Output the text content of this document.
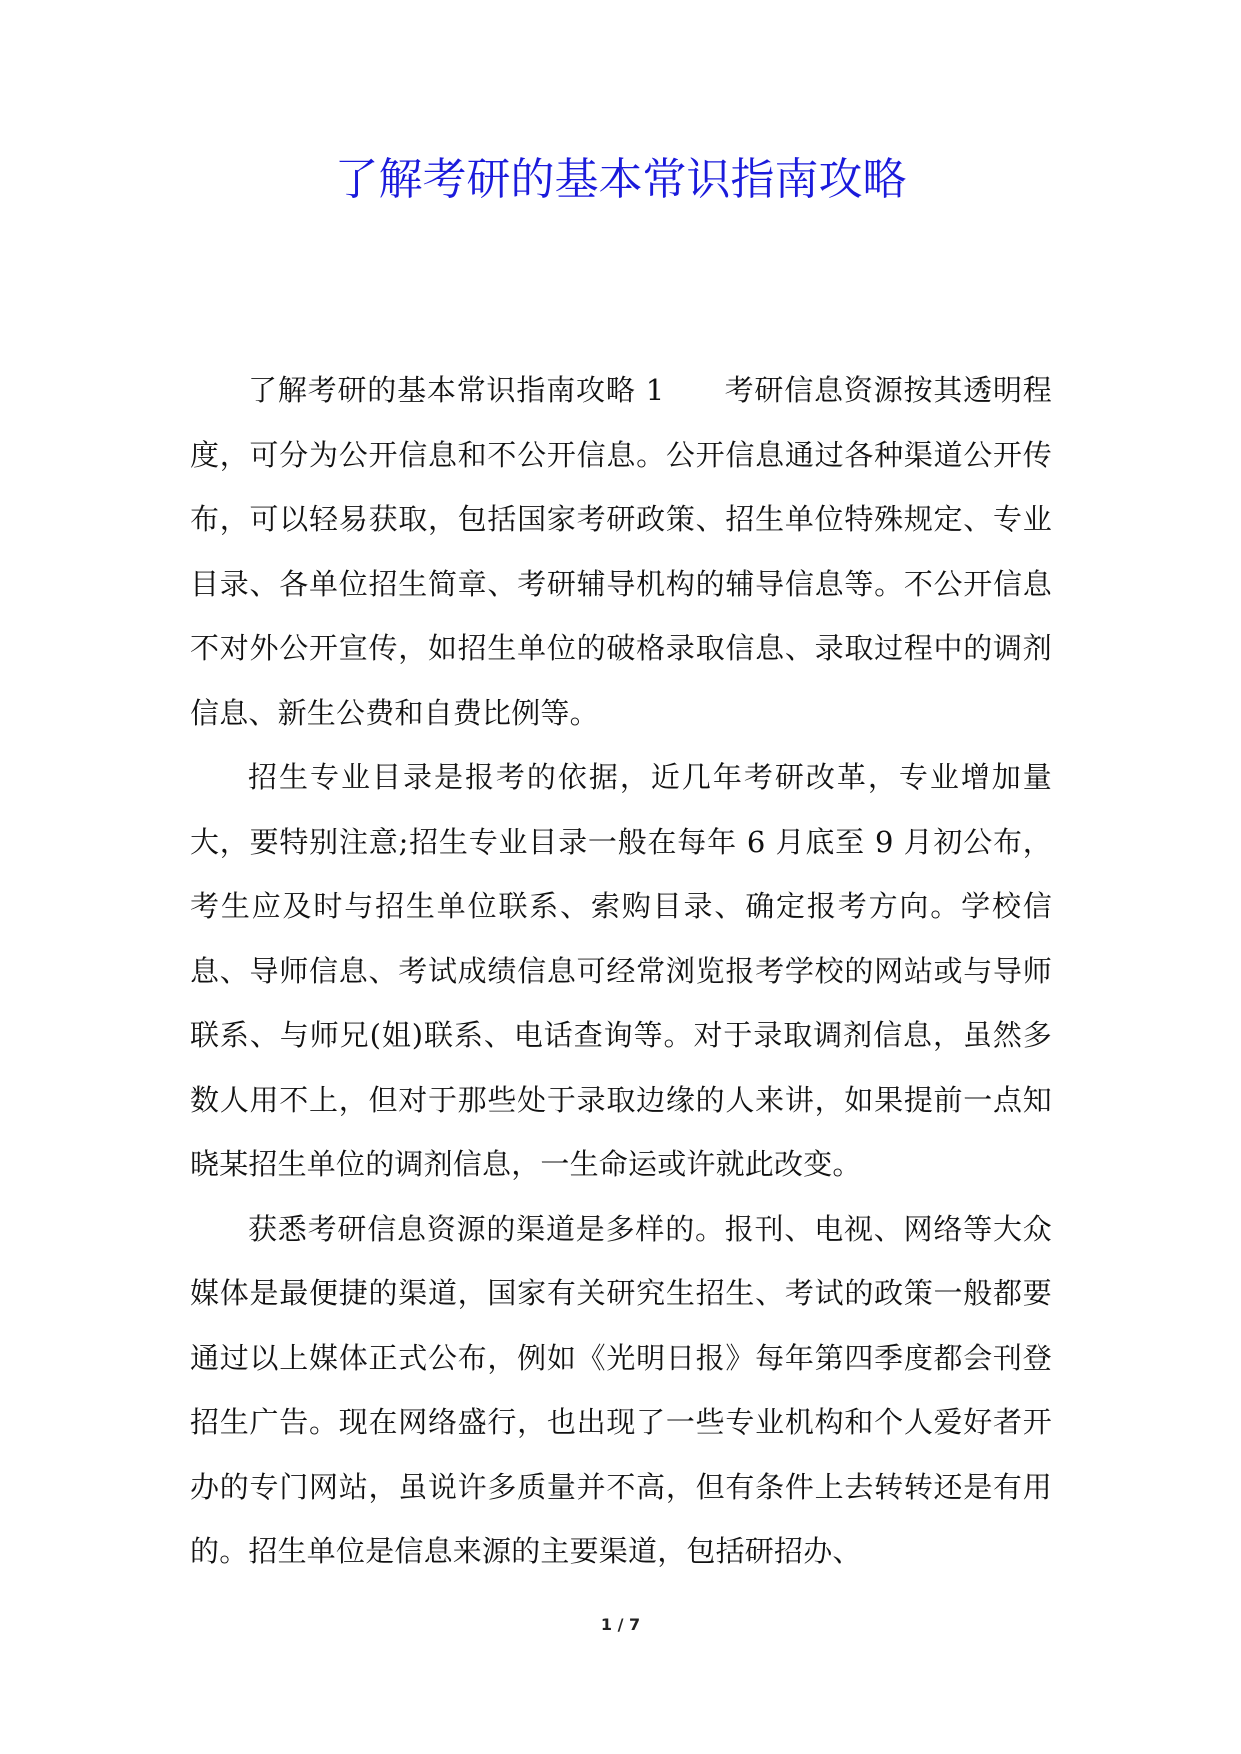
了解考研的基本常识指南攻略

了解考研的基本常识指南攻略 1　　考研信息资源按其透明程度，可分为公开信息和不公开信息。公开信息通过各种渠道公开传布，可以轻易获取，包括国家考研政策、招生单位特殊规定、专业目录、各单位招生简章、考研辅导机构的辅导信息等。不公开信息不对外公开宣传，如招生单位的破格录取信息、录取过程中的调剂信息、新生公费和自费比例等。

招生专业目录是报考的依据，近几年考研改革，专业增加量大，要特别注意;招生专业目录一般在每年 6 月底至 9 月初公布，考生应及时与招生单位联系、索购目录、确定报考方向。学校信息、导师信息、考试成绩信息可经常浏览报考学校的网站或与导师联系、与师兄(姐)联系、电话查询等。对于录取调剂信息，虽然多数人用不上，但对于那些处于录取边缘的人来讲，如果提前一点知晓某招生单位的调剂信息，一生命运或许就此改变。

获悉考研信息资源的渠道是多样的。报刊、电视、网络等大众媒体是最便捷的渠道，国家有关研究生招生、考试的政策一般都要通过以上媒体正式公布，例如《光明日报》每年第四季度都会刊登招生广告。现在网络盛行，也出现了一些专业机构和个人爱好者开办的专门网站，虽说许多质量并不高，但有条件上去转转还是有用的。招生单位是信息来源的主要渠道，包括研招办、

1 / 7
